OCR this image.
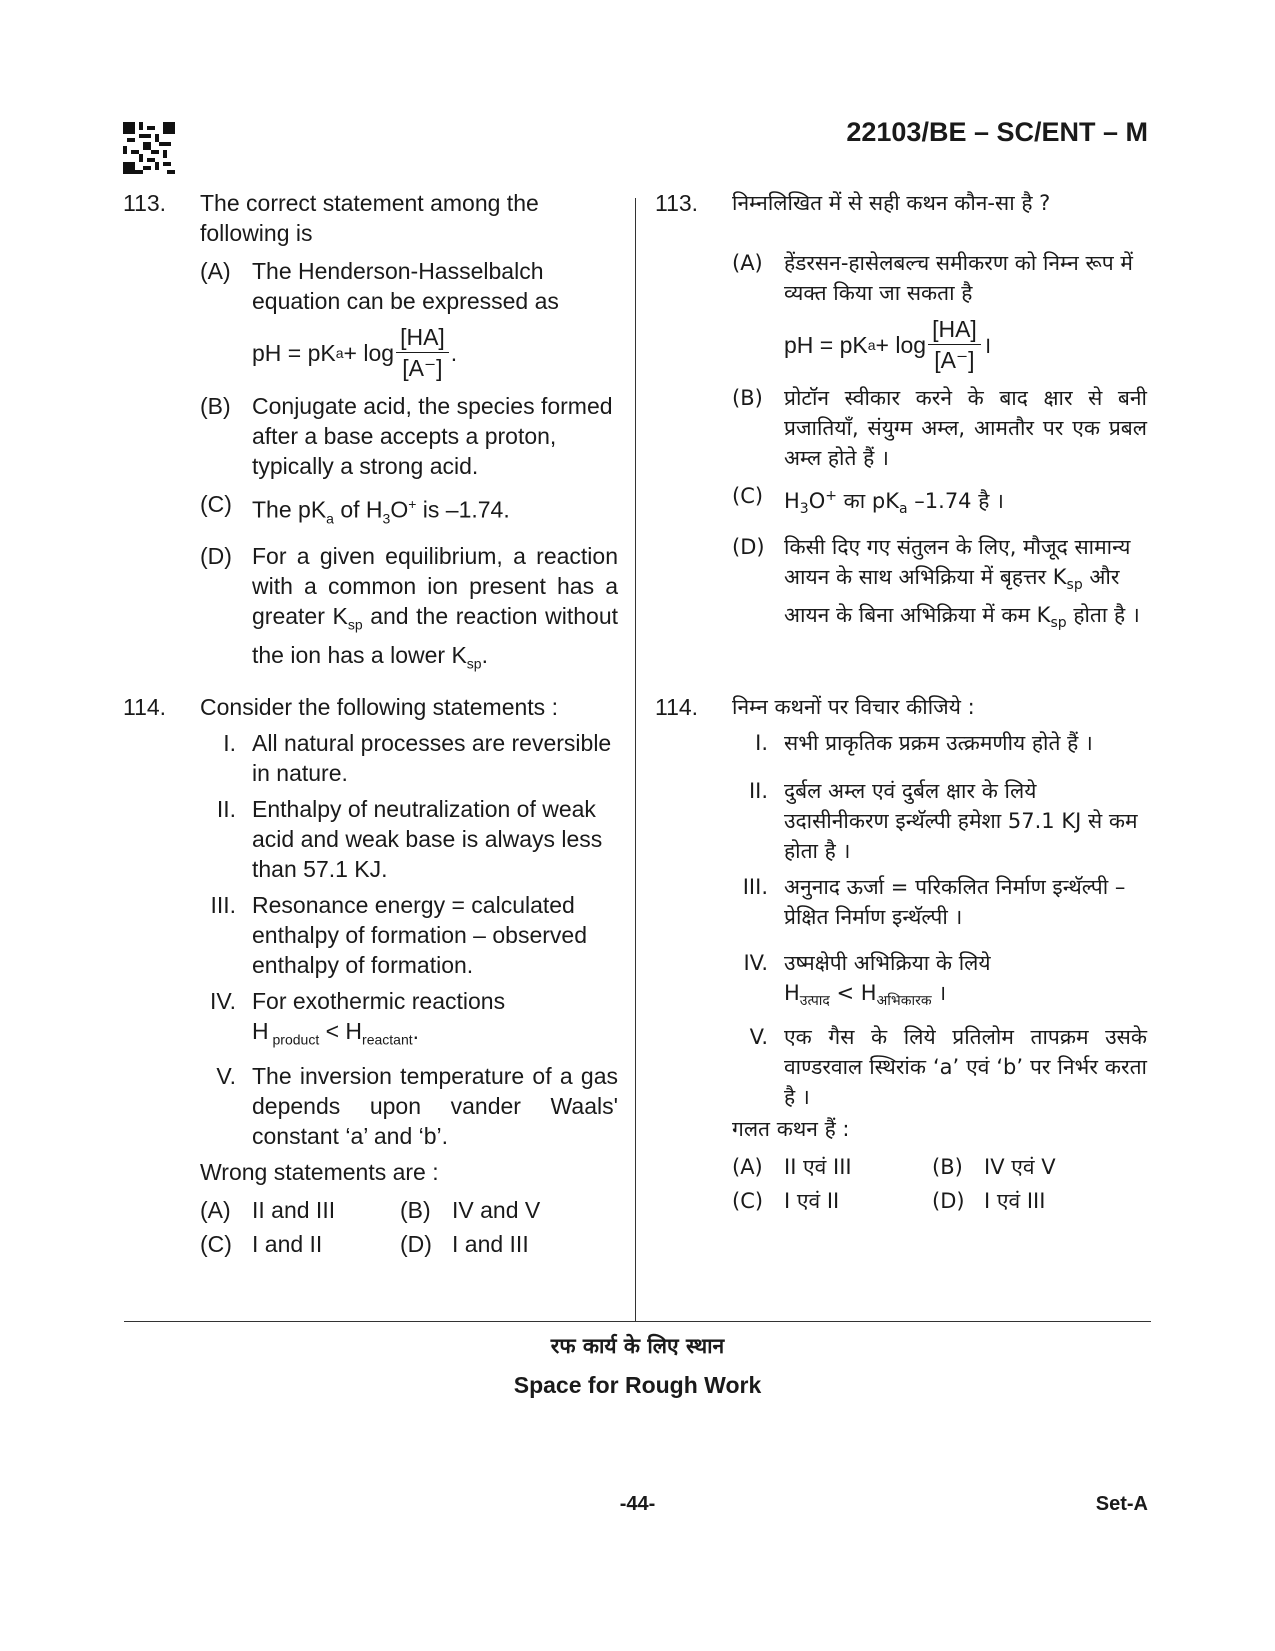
22103/BE – SC/ENT – M
113. The correct statement among the following is
(A) The Henderson-Hasselbalch equation can be expressed as
pH = pK $a + \log \frac{[HA]}{[A^-]}$ .
(B) Conjugate acid, the species formed after a base accepts a proton, typically a strong acid.
(C) The $pK_a$ of $H_3O^+$ is –1.74.
(D) For a given equilibrium, a reaction with a common ion present has a greater $K_{sp}$ and the reaction without the ion has a lower $K_{sp}$.
114. Consider the following statements :
I. All natural processes are reversible in nature.
II. Enthalpy of neutralization of weak acid and weak base is always less than 57.1 KJ.
III. Resonance energy = calculated enthalpy of formation – observed enthalpy of formation.
IV. For exothermic reactions
H $_{product} < H_{reactant}$.
V. The inversion temperature of a gas depends upon vander Waals' constant ‘a’ and ‘b’.
Wrong statements are :
(A) II and III	(B) IV and V
(C) I and II	(D) I and III
113. निम्नलिखित में से सही कथन कौन-सा है ?
(A) हेंडरसन-हासेलबल्च समीकरण को निम्न रूप में व्यक्त किया जा सकता है
pH = pK $a + \log \frac{[HA]}{[A^-]}$ ।
(B) प्रोटॉन स्वीकार करने के बाद क्षार से बनी प्रजातियाँ, संयुग्म अम्ल, आमतौर पर एक प्रबल अम्ल होते हैं ।
(C) $H_3O^+$ का $pK_a$ –1.74 है ।
(D) किसी दिए गए संतुलन के लिए, मौजूद सामान्य आयन के साथ अभिक्रिया में बृहत्तर $K_{sp}$ और आयन के बिना अभिक्रिया में कम $K_{sp}$ होता है ।
114. निम्न कथनों पर विचार कीजिये :
I. सभी प्राकृतिक प्रक्रम उत्क्रमणीय होते हैं ।
II. दुर्बल अम्ल एवं दुर्बल क्षार के लिये उदासीनीकरण इन्थॅल्पी हमेशा 57.1 KJ से कम होता है ।
III. अनुनाद ऊर्जा = परिकलित निर्माण इन्थॅल्पी – प्रेक्षित निर्माण इन्थॅल्पी ।
IV. उष्मक्षेपी अभिक्रिया के लिये
$H_{उत्पाद} < H_{अभिकारक}$ ।
V. एक गैस के लिये प्रतिलोम तापक्रम उसके वाण्डरवाल स्थिरांक ‘a’ एवं ‘b’ पर निर्भर करता है ।
गलत कथन हैं :
(A) II एवं III	(B) IV एवं V
(C) I एवं II	(D) I एवं III
रफ कार्य के लिए स्थान
Space for Rough Work
-44-	Set-A
